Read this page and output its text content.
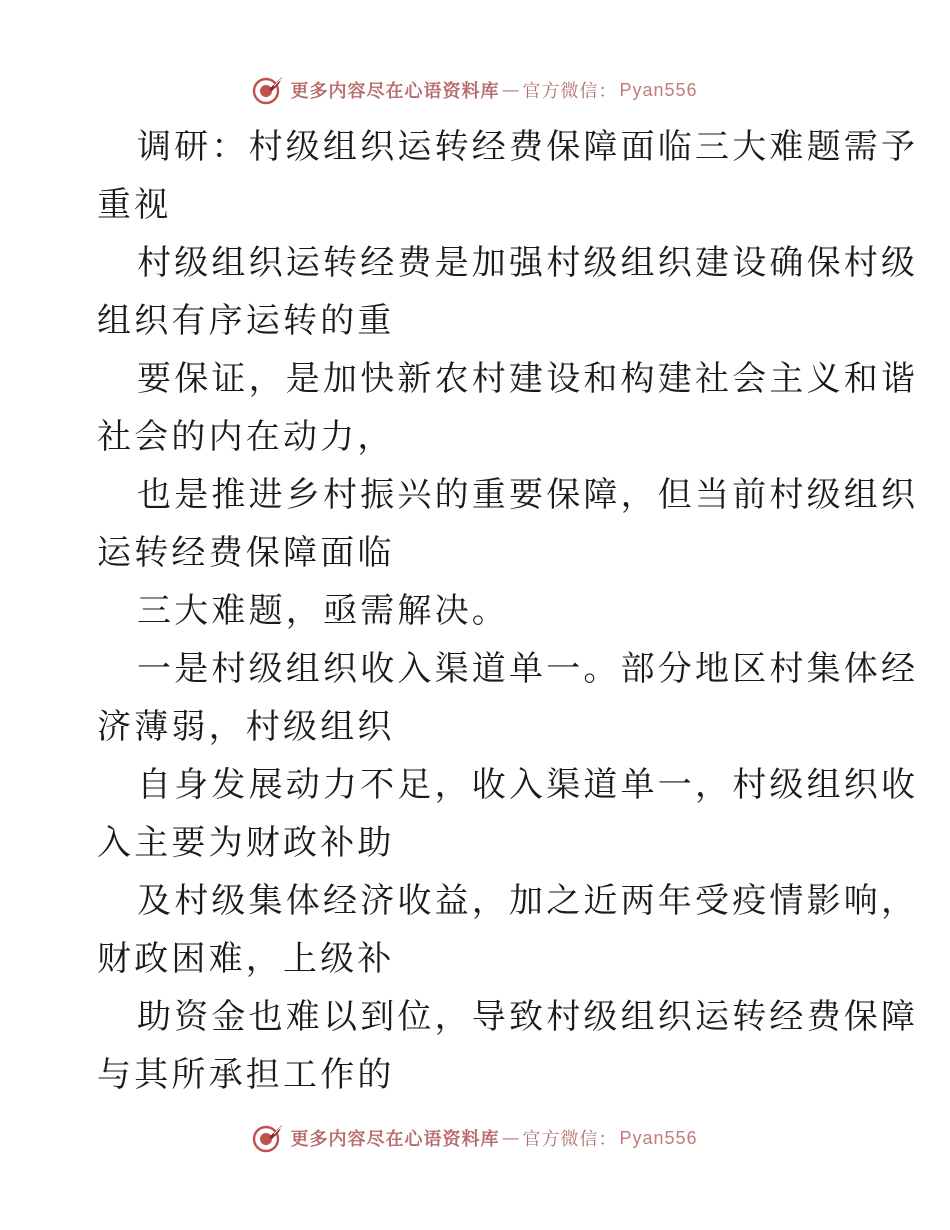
更多内容尽在心语资料库 — 官方微信： Pyan556
调研：村级组织运转经费保障面临三大难题需予
重视
村级组织运转经费是加强村级组织建设确保村级
组织有序运转的重
要保证，是加快新农村建设和构建社会主义和谐
社会的内在动力，
也是推进乡村振兴的重要保障，但当前村级组织
运转经费保障面临
三大难题，亟需解决。
一是村级组织收入渠道单一。部分地区村集体经
济薄弱，村级组织
自身发展动力不足，收入渠道单一，村级组织收
入主要为财政补助
及村级集体经济收益，加之近两年受疫情影响，
财政困难，上级补
助资金也难以到位，导致村级组织运转经费保障
与其所承担工作的
更多内容尽在心语资料库 — 官方微信： Pyan556
